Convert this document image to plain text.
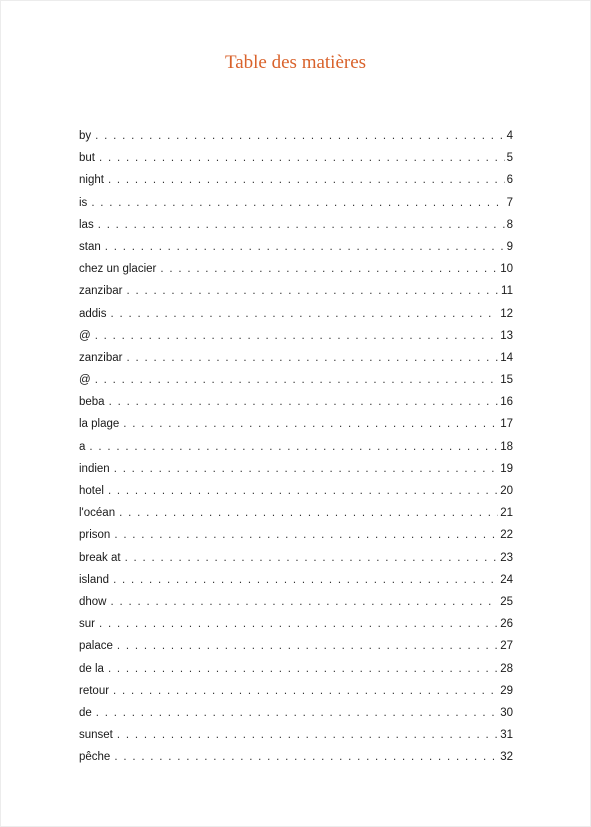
Table des matières
by . . .	4
but . . .	5
night . . .	6
is . . .	7
las . . .	8
stan . . .	9
chez un glacier . . .	10
zanzibar . . .	11
addis . . .	12
@ . . .	13
zanzibar . . .	14
@ . . .	15
beba . . .	16
la plage . . .	17
a . . .	18
indien . . .	19
hotel . . .	20
l'océan . . .	21
prison . . .	22
break at . . .	23
island . . .	24
dhow . . .	25
sur . . .	26
palace . . .	27
de la . . .	28
retour . . .	29
de . . .	30
sunset . . .	31
pêche . . .	32
